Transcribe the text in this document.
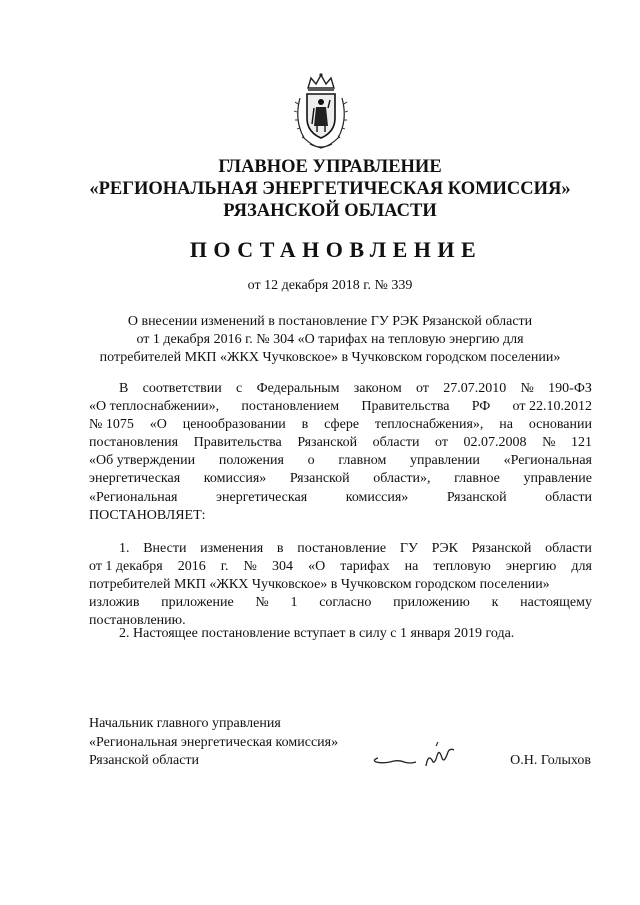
ГЛАВНОЕ УПРАВЛЕНИЕ
«РЕГИОНАЛЬНАЯ ЭНЕРГЕТИЧЕСКАЯ КОМИССИЯ»
РЯЗАНСКОЙ ОБЛАСТИ
ПОСТАНОВЛЕНИЕ
от 12 декабря 2018 г. № 339
О внесении изменений в постановление ГУ РЭК Рязанской области
от 1 декабря 2016 г. № 304 «О тарифах на тепловую энергию для
потребителей МКП «ЖКХ Чучковское» в Чучковском городском поселении»
В соответствии с Федеральным законом от 27.07.2010 № 190-ФЗ
«О теплоснабжении», постановлением Правительства РФ от 22.10.2012
№ 1075 «О ценообразовании в сфере теплоснабжения», на основании
постановления Правительства Рязанской области от 02.07.2008 № 121
«Об утверждении положения о главном управлении «Региональная
энергетическая комиссия» Рязанской области», главное управление
«Региональная	энергетическая	комиссия»	Рязанской	области
ПОСТАНОВЛЯЕТ:
1. Внести изменения в постановление ГУ РЭК Рязанской области
от 1 декабря 2016 г. № 304 «О тарифах на тепловую энергию для
потребителей МКП «ЖКХ Чучковское» в Чучковском городском поселении»
изложив приложение № 1 согласно приложению к настоящему
постановлению.
2. Настоящее постановление вступает в силу с 1 января 2019 года.
Начальник главного управления
«Региональная энергетическая комиссия»
Рязанской области	О.Н. Голыхов
